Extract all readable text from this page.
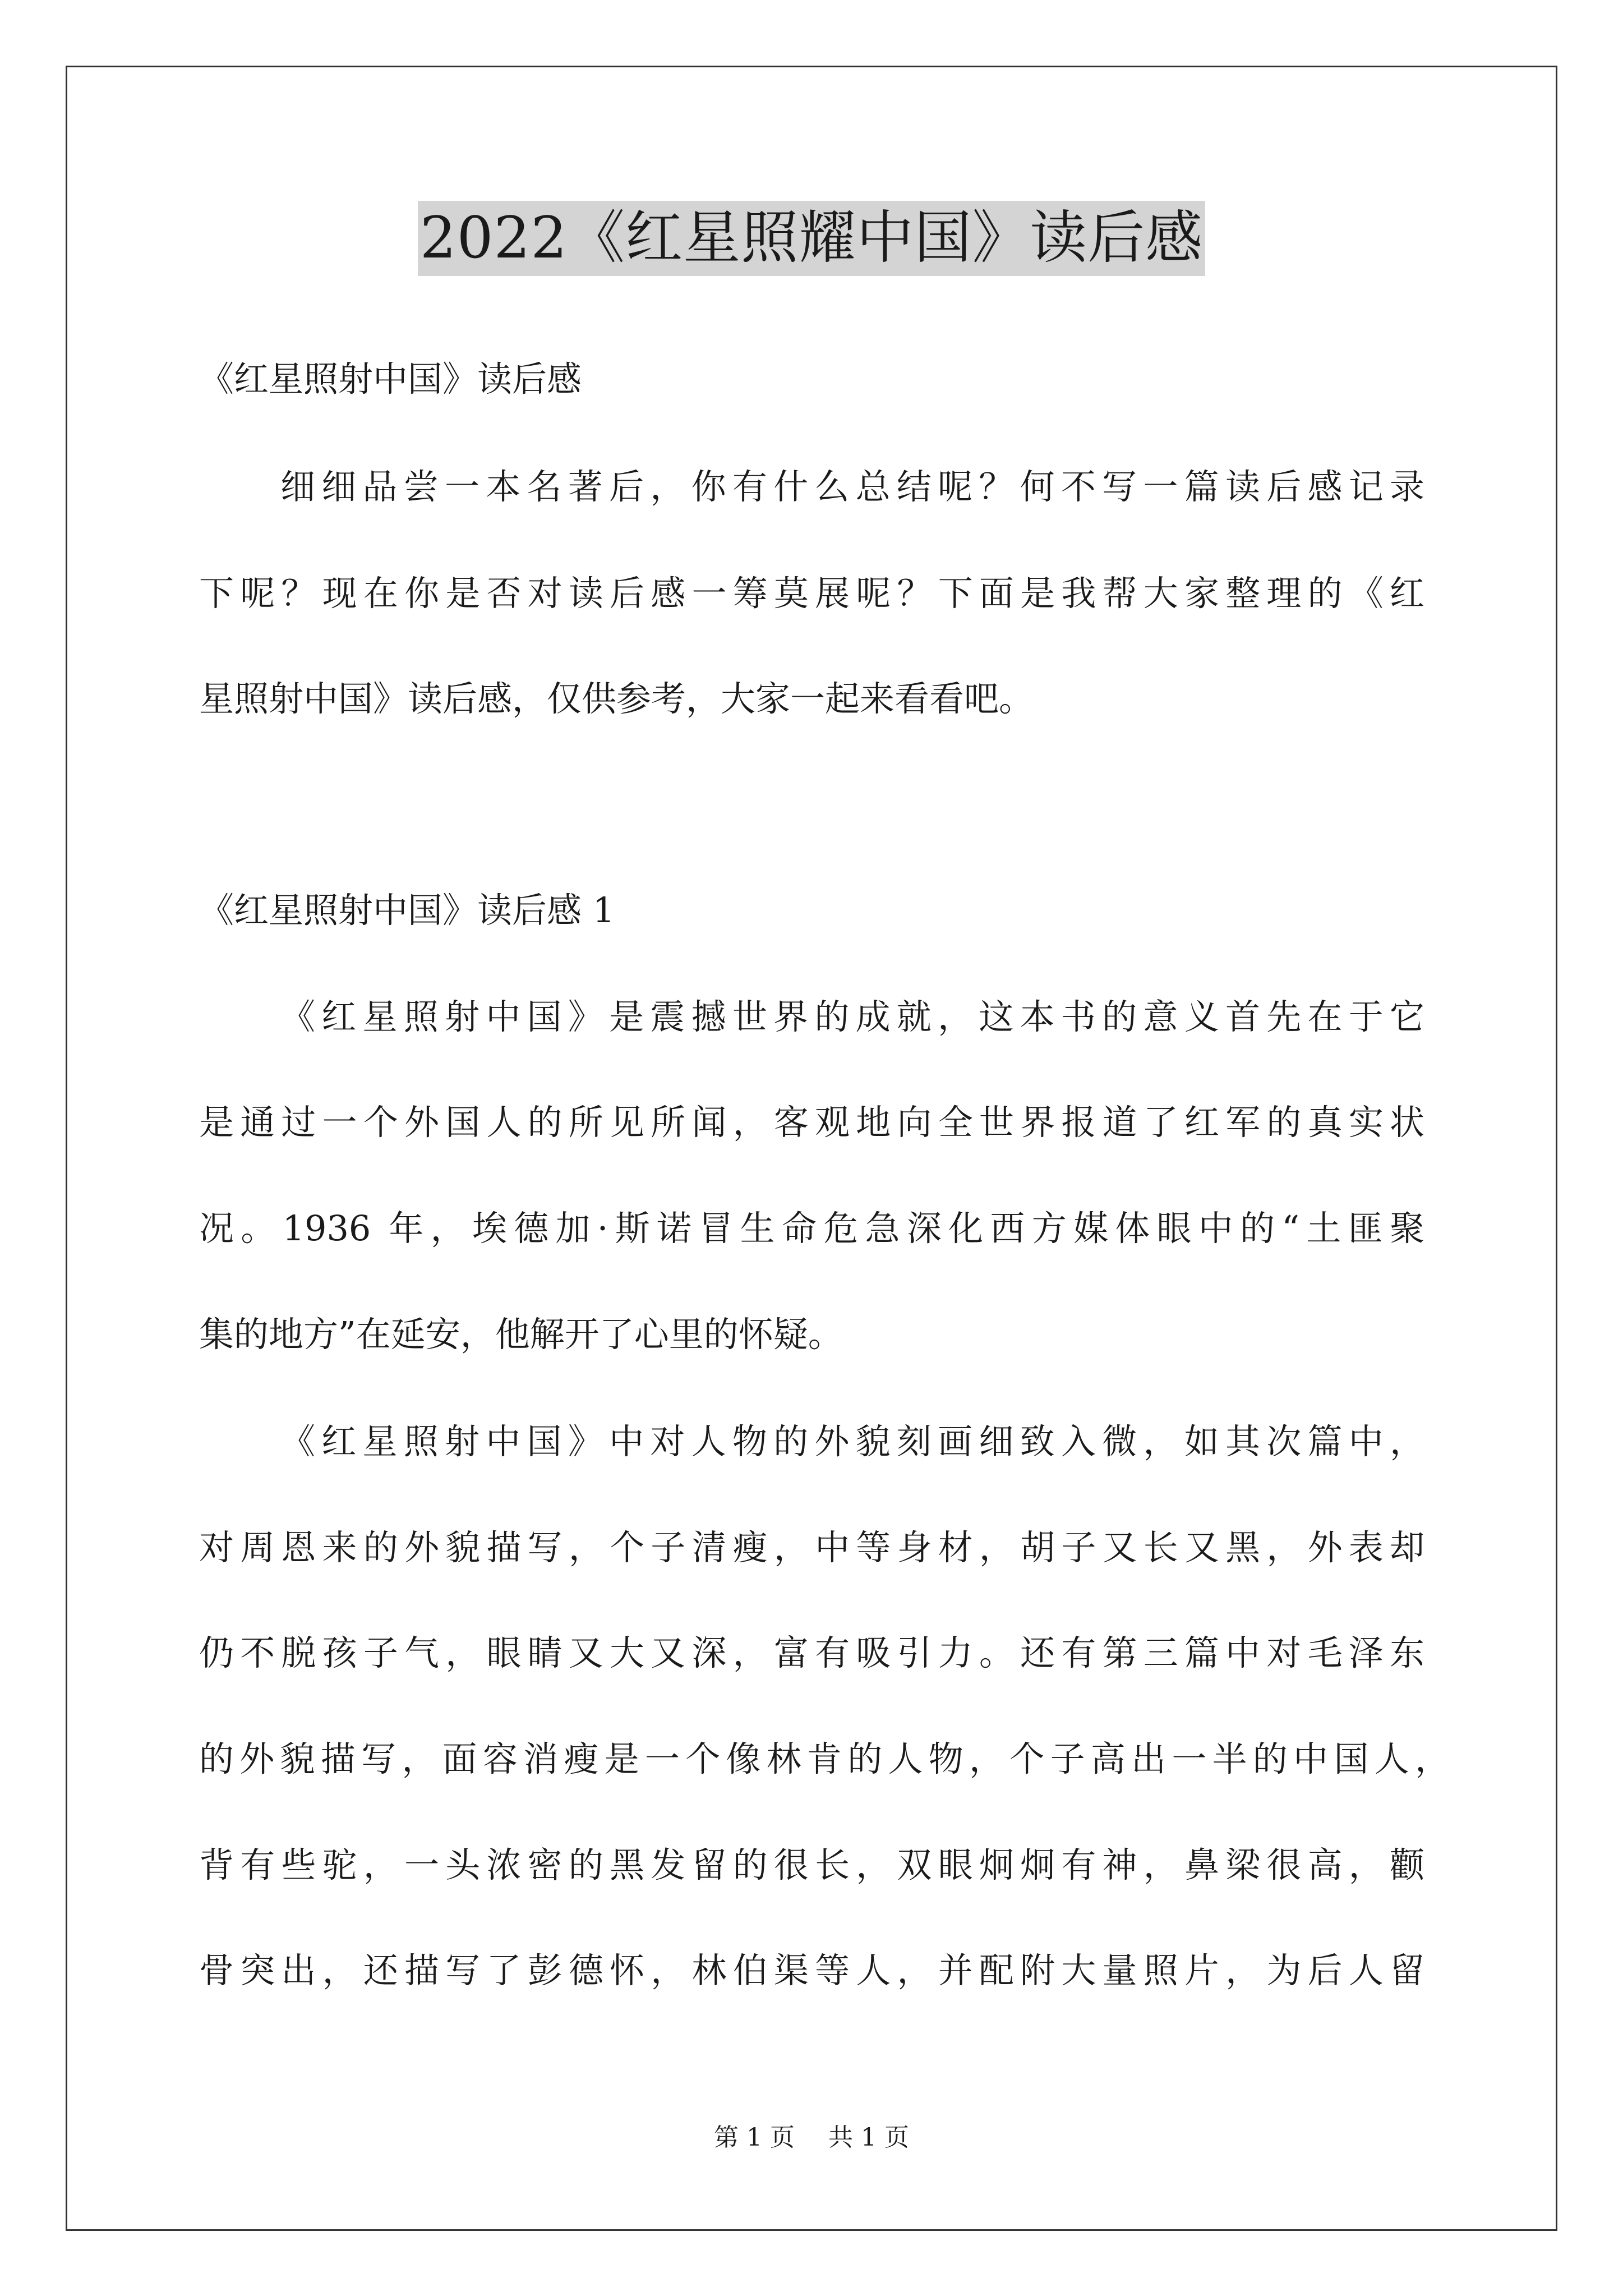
2022《红星照耀中国》读后感
《红星照射中国》读后感
细细品尝一本名著后，你有什么总结呢？何不写一篇读后感记录
下呢？现在你是否对读后感一筹莫展呢？下面是我帮大家整理的《红
星照射中国》读后感，仅供参考，大家一起来看看吧。
《红星照射中国》读后感 1
《红星照射中国》是震撼世界的成就，这本书的意义首先在于它
是通过一个外国人的所见所闻，客观地向全世界报道了红军的真实状
况。1936 年，埃德加·斯诺冒生命危急深化西方媒体眼中的“土匪聚
集的地方”在延安，他解开了心里的怀疑。
《红星照射中国》中对人物的外貌刻画细致入微，如其次篇中，
对周恩来的外貌描写，个子清瘦，中等身材，胡子又长又黑，外表却
仍不脱孩子气，眼睛又大又深，富有吸引力。还有第三篇中对毛泽东
的外貌描写，面容消瘦是一个像林肯的人物，个子高出一半的中国人，
背有些驼，一头浓密的黑发留的很长，双眼炯炯有神，鼻梁很高，颧
骨突出，还描写了彭德怀，林伯渠等人，并配附大量照片，为后人留
第 1 页 共 1 页
